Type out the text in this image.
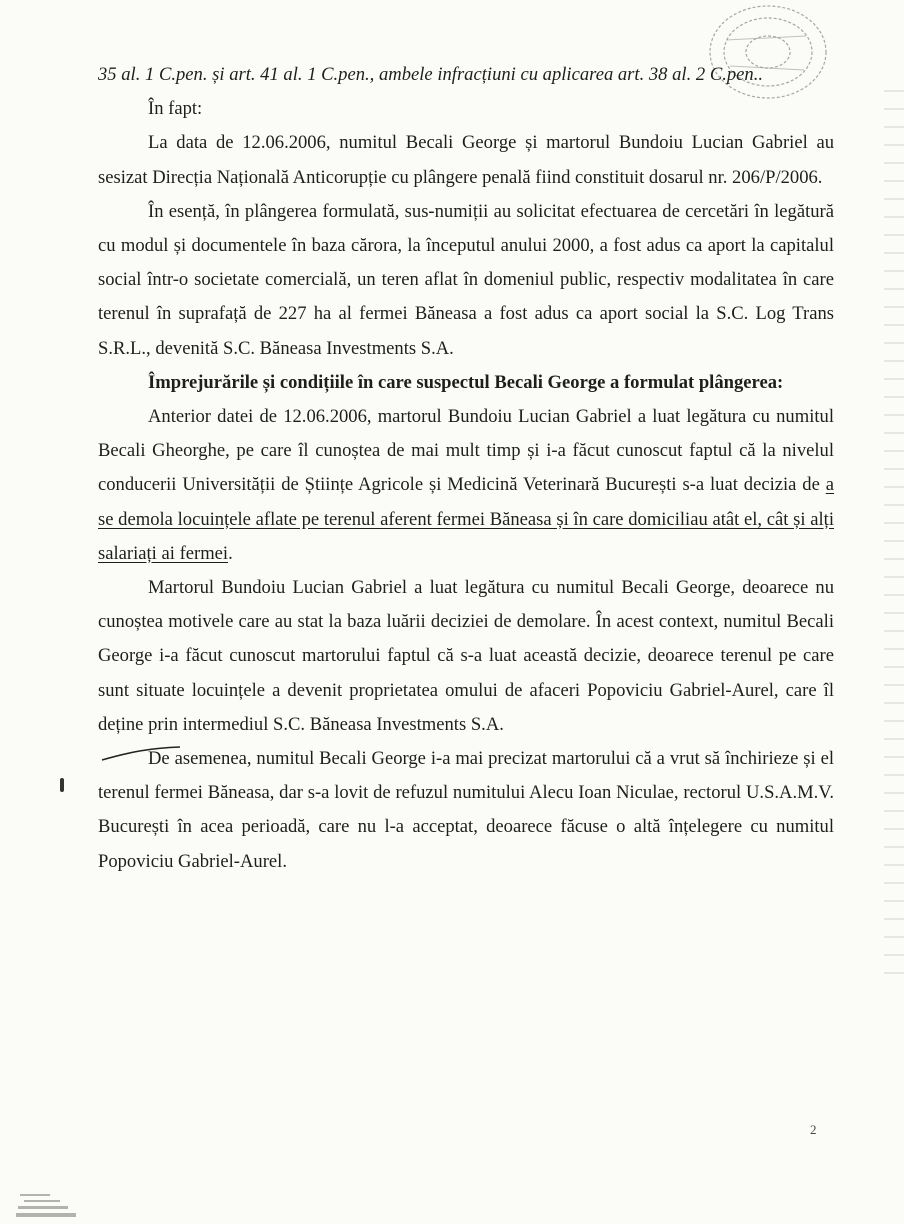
35 al. 1 C.pen. și art. 41 al. 1 C.pen., ambele infracțiuni cu aplicarea art. 38 al. 2 C.pen..

În fapt:

La data de 12.06.2006, numitul Becali George și martorul Bundoiu Lucian Gabriel au sesizat Direcția Națională Anticorupție cu plângere penală fiind constituit dosarul nr. 206/P/2006.

În esență, în plângerea formulată, sus-numiții au solicitat efectuarea de cercetări în legătură cu modul și documentele în baza cărora, la începutul anului 2000, a fost adus ca aport la capitalul social într-o societate comercială, un teren aflat în domeniul public, respectiv modalitatea în care terenul în suprafață de 227 ha al fermei Băneasa a fost adus ca aport social la S.C. Log Trans S.R.L., devenită S.C. Băneasa Investments S.A.

Împrejurările și condițiile în care suspectul Becali George a formulat plângerea:

Anterior datei de 12.06.2006, martorul Bundoiu Lucian Gabriel a luat legătura cu numitul Becali Gheorghe, pe care îl cunoștea de mai mult timp și i-a făcut cunoscut faptul că la nivelul conducerii Universității de Științe Agricole și Medicină Veterinară București s-a luat decizia de a se demola locuințele aflate pe terenul aferent fermei Băneasa și în care domiciliau atât el, cât și alți salariați ai fermei.

Martorul Bundoiu Lucian Gabriel a luat legătura cu numitul Becali George, deoarece nu cunoștea motivele care au stat la baza luării deciziei de demolare. În acest context, numitul Becali George i-a făcut cunoscut martorului faptul că s-a luat această decizie, deoarece terenul pe care sunt situate locuințele a devenit proprietatea omului de afaceri Popoviciu Gabriel-Aurel, care îl deține prin intermediul S.C. Băneasa Investments S.A.

De asemenea, numitul Becali George i-a mai precizat martorului că a vrut să închirieze și el terenul fermei Băneasa, dar s-a lovit de refuzul numitului Alecu Ioan Niculae, rectorul U.S.A.M.V. București în acea perioadă, care nu l-a acceptat, deoarece făcuse o altă înțelegere cu numitul Popoviciu Gabriel-Aurel.

2
